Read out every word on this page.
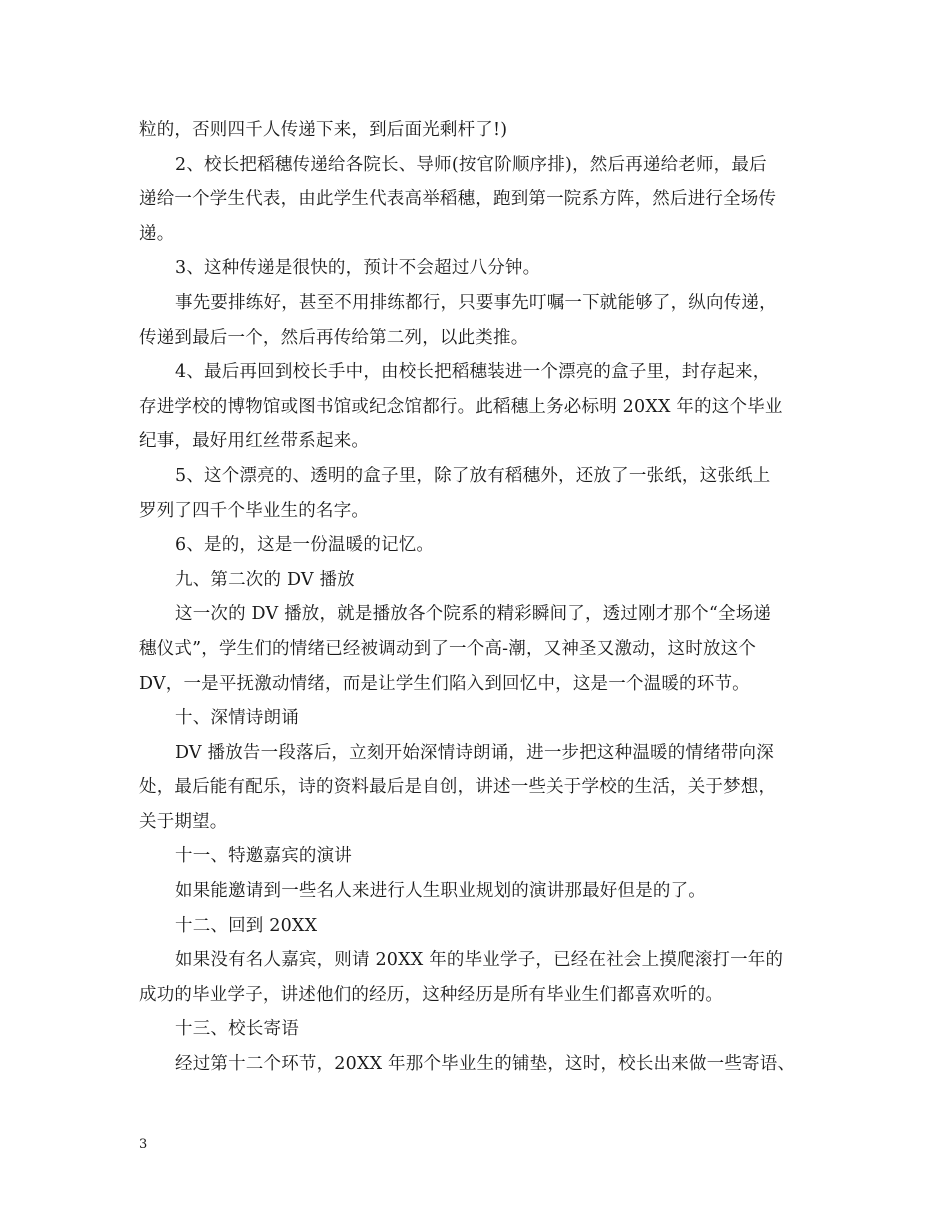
粒的，否则四千人传递下来，到后面光剩杆了!)
2、校长把稻穗传递给各院长、导师(按官阶顺序排)，然后再递给老师，最后
递给一个学生代表，由此学生代表高举稻穗，跑到第一院系方阵，然后进行全场传
递。
3、这种传递是很快的，预计不会超过八分钟。
事先要排练好，甚至不用排练都行，只要事先叮嘱一下就能够了，纵向传递，
传递到最后一个，然后再传给第二列，以此类推。
4、最后再回到校长手中，由校长把稻穗装进一个漂亮的盒子里，封存起来，
存进学校的博物馆或图书馆或纪念馆都行。此稻穗上务必标明 20XX 年的这个毕业
纪事，最好用红丝带系起来。
5、这个漂亮的、透明的盒子里，除了放有稻穗外，还放了一张纸，这张纸上
罗列了四千个毕业生的名字。
6、是的，这是一份温暖的记忆。
九、第二次的 DV 播放
这一次的 DV 播放，就是播放各个院系的精彩瞬间了，透过刚才那个“全场递
穗仪式”，学生们的情绪已经被调动到了一个高-潮，又神圣又激动，这时放这个
DV，一是平抚激动情绪，而是让学生们陷入到回忆中，这是一个温暖的环节。
十、深情诗朗诵
DV 播放告一段落后，立刻开始深情诗朗诵，进一步把这种温暖的情绪带向深
处，最后能有配乐，诗的资料最后是自创，讲述一些关于学校的生活，关于梦想，
关于期望。
十一、特邀嘉宾的演讲
如果能邀请到一些名人来进行人生职业规划的演讲那最好但是的了。
十二、回到 20XX
如果没有名人嘉宾，则请 20XX 年的毕业学子，已经在社会上摸爬滚打一年的
成功的毕业学子，讲述他们的经历，这种经历是所有毕业生们都喜欢听的。
十三、校长寄语
经过第十二个环节，20XX 年那个毕业生的铺垫，这时，校长出来做一些寄语、
3
